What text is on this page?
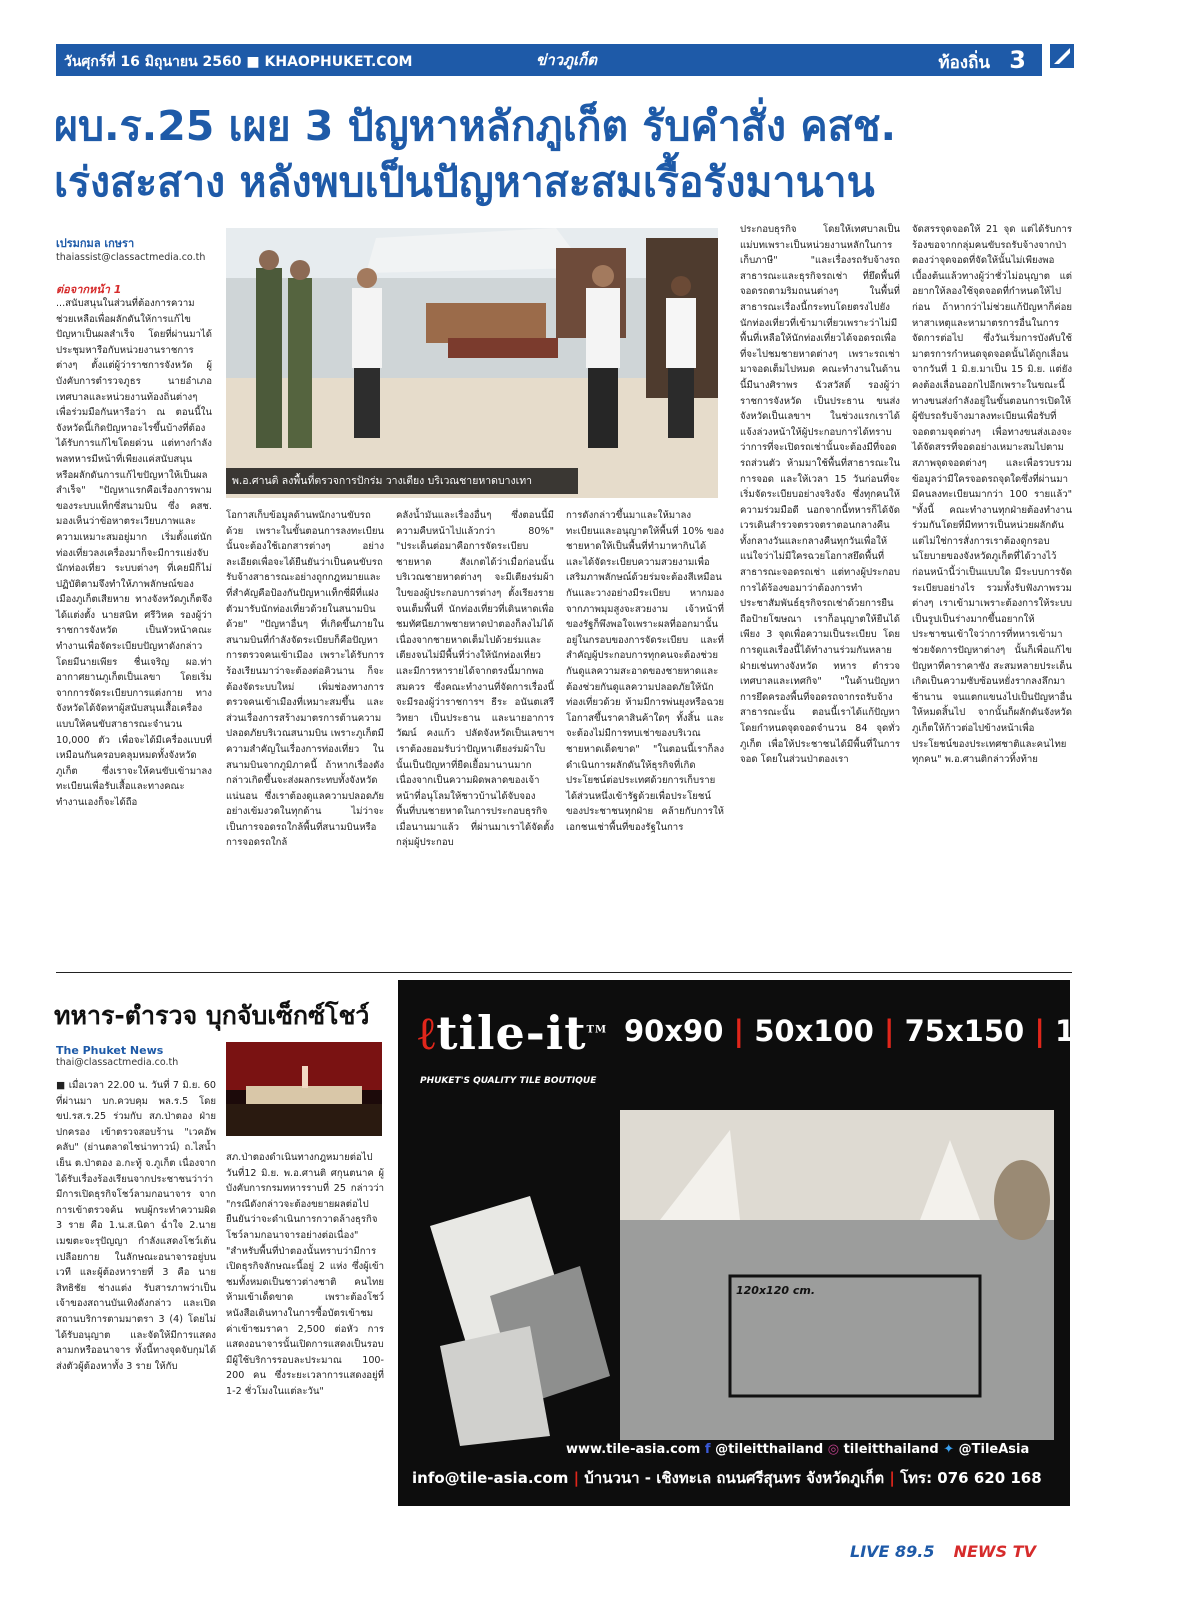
วันศุกร์ที่ 16 มิถุนายน 2560 ■ KHAOPHUKET.COM	ข่าวภูเก็ต	ท้องถิ่น 3
ผบ.ร.25 เผย 3 ปัญหาหลักภูเก็ต รับคำสั่ง คสช.
เร่งสะสาง หลังพบเป็นปัญหาสะสมเรื้อรังมานาน
เปรมกมล เกษรา
thaiassist@classactmedia.co.th
ต่อจากหน้า 1
...สนับสนุนในส่วนที่ต้องการความช่วยเหลือเพื่อผลักดันให้การแก้ไขปัญหาเป็นผลสำเร็จ โดยที่ผ่านมาได้ประชุมหารือกับหน่วยงานราชการต่างๆ ตั้งแต่ผู้ว่าราชการจังหวัด ผู้บังคับการตำรวจภูธร นายอำเภอ เทศบาลและหน่วยงานท้องถิ่นต่างๆ เพื่อร่วมมือกันหารือว่า ณ ตอนนี้ในจังหวัดนี้เกิดปัญหาอะไรขึ้นบ้างที่ต้องได้รับการแก้ไขโดยด่วน แต่ทางกำลังพลทหารมีหน้าที่เพียงแค่สนับสนุน หรือผลักดันการแก้ไขปัญหาให้เป็นผลสำเร็จ" "ปัญหาแรกคือเรื่องการพามของระบบแท็กซี่สนามบิน ซึ่ง คสช. มองเห็นว่าข้อหาตระเวียบภาพและความเหมาะสมอยู่มาก เริ่มตั้งแต่นักท่องเที่ยวลงเครื่องมาก็จะมีการแย่งจับนักท่องเที่ยว ระบบต่างๆ ที่เคยมีก็ไม่ปฏิบัติตามจึงทำให้ภาพลักษณ์ของเมืองภูเก็ตเสียหาย ทางจังหวัดภูเก็ตจึงได้แต่งตั้ง นายสนิท ศรีวิหค รองผู้ว่าราชการจังหวัด เป็นหัวหน้าคณะทำงานเพื่อจัดระเบียบปัญหาดังกล่าว โดยมีนายเพียร ชื่นเจริญ ผอ.ท่าอากาศยานภูเก็ตเป็นเลขา โดยเริ่มจากการจัดระเบียบการแต่งกาย ทางจังหวัดได้จัดหาผู้สนับสนุนเสื้อเครื่องแบบให้คนขับสาธารณะจำนวน 10,000 ตัว เพื่อจะได้มีเครื่องแบบที่เหมือนกันครอบคลุมหมดทั้งจังหวัดภูเก็ต ซึ่งเราจะให้คนขับเข้ามาลงทะเบียนเพื่อรับเสื้อและทางคณะทำงานเองก็จะได้ถือ
พ.อ.ศานติ ลงพื้นที่ตรวจการปักร่ม วางเตียง บริเวณชายหาดบางเทา
โอกาสเก็บข้อมูลด้านพนักงานขับรถด้วย เพราะในขั้นตอนการลงทะเบียนนั้นจะต้องใช้เอกสารต่างๆ อย่างละเอียดเพื่อจะได้ยืนยันว่าเป็นคนขับรถรับจ้างสาธารณะอย่างถูกกฎหมายและที่สำคัญคือป้องกันปัญหาแท็กซี่ผีที่แฝงตัวมารับนักท่องเที่ยวด้วยในสนามบินด้วย" "ปัญหาอื่นๆ ที่เกิดขึ้นภายในสนามบินที่กำลังจัดระเบียบก็คือปัญหาการตรวจคนเข้าเมือง เพราะได้รับการร้องเรียนมาว่าจะต้องต่อคิวนาน ก็จะต้องจัดระบบใหม่ เพิ่มช่องทางการตรวจคนเข้าเมืองที่เหมาะสมขึ้น และส่วนเรื่องการสร้างมาตรการต้านความปลอดภัยบริเวณสนามบิน เพราะภูเก็ตมีความสำคัญในเรื่องการท่องเที่ยว ในสนามบินจากภูมิภาคนี้ ถ้าหากเรื่องดังกล่าวเกิดขึ้นจะส่งผลกระทบทั้งจังหวัดแน่นอน ซึ่งเราต้องดูแลความปลอดภัยอย่างเข้มงวดในทุกด้าน ไม่ว่าจะเป็นการจอดรถใกล้พื้นที่สนามบินหรือการจอดรถใกล้
คลังน้ำมันและเรื่องอื่นๆ ซึ่งตอนนี้มีความคืบหน้าไปแล้วกว่า 80%" "ประเด็นต่อมาคือการจัดระเบียบชายหาด สังเกตได้ว่าเมื่อก่อนนั้นบริเวณชายหาดต่างๆ จะมีเตียงร่มผ้าใบของผู้ประกอบการต่างๆ ตั้งเรียงรายจนเต็มพื้นที่ นักท่องเที่ยวที่เดินหาดเพื่อชมทัศนียภาพชายหาดป่าตองก็ลงไม่ได้ เนื่องจากชายหาดเต็มไปด้วยร่มและเตียงจนไม่มีพื้นที่ว่างให้นักท่องเที่ยวและมีการหารายได้จากตรงนี้มากพอสมควร ซึ่งคณะทำงานที่จัดการเรื่องนี้จะมีรองผู้ว่าราชการฯ ธีระ อนันตเสรีวิทยา เป็นประธาน และนายอาการวัฒน์ คงแก้ว ปลัดจังหวัดเป็นเลขาฯ เราต้องยอมรับว่าปัญหาเตียงร่มผ้าใบนั้นเป็นปัญหาที่ยืดเยื้อมานานมาก เนื่องจากเป็นความผิดพลาดของเจ้าหน้าที่อนุโลมให้ชาวบ้านได้จับจองพื้นที่บนชายหาดในการประกอบธุรกิจเมื่อนานมาแล้ว ที่ผ่านมาเราได้จัดตั้งกลุ่มผู้ประกอบ
การดังกล่าวขึ้นมาและให้มาลงทะเบียนและอนุญาตให้พื้นที่ 10% ของชายหาดให้เป็นพื้นที่ทำมาหากินได้ และได้จัดระเบียบความสวยงามเพื่อเสริมภาพลักษณ์ด้วยร่มจะต้องสีเหมือนกันและวางอย่างมีระเบียบ หากมองจากภาพมุมสูงจะสวยงาม เจ้าหน้าที่ของรัฐก็พึงพอใจเพราะผลที่ออกมานั้นอยู่ในกรอบของการจัดระเบียบ และที่สำคัญผู้ประกอบการทุกคนจะต้องช่วยกันดูแลความสะอาดของชายหาดและต้องช่วยกันดูแลความปลอดภัยให้นักท่องเที่ยวด้วย ห้ามมีการพ่นยุงหรือฉวยโอกาสขึ้นราคาสินค้าใดๆ ทั้งสิ้น และจะต้องไม่มีการทบเช่าของบริเวณชายหาดเด็ดขาด" "ในตอนนี้เราก็ลงดำเนินการผลักดันให้ธุรกิจที่เกิดประโยชน์ต่อประเทศด้วยการเก็บรายได้ส่วนหนึ่งเข้ารัฐด้วยเพื่อประโยชน์ของประชาชนทุกฝ่าย คล้ายกับการให้เอกชนเช่าพื้นที่ของรัฐในการ
ประกอบธุรกิจ โดยให้เทศบาลเป็นแม่บทเพราะเป็นหน่วยงานหลักในการเก็บภาษี" "และเรื่องรถรับจ้างรถสาธารณะและธุรกิจรถเช่า ที่ยึดพื้นที่จอดรถตามริมถนนต่างๆ ในพื้นที่สาธารณะเรื่องนี้กระทบโดยตรงไปยังนักท่องเที่ยวที่เข้ามาเที่ยวเพราะว่าไม่มีพื้นที่เหลือให้นักท่องเที่ยวได้จอดรถเพื่อที่จะไปชมชายหาดต่างๆ เพราะรถเช่ามาจอดเต็มไปหมด คณะทำงานในด้านนี้มีนางศิราพร ฉัวสวัสดิ์ รองผู้ว่าราชการจังหวัด เป็นประธาน ขนส่งจังหวัดเป็นเลขาฯ ในช่วงแรกเราได้แจ้งล่วงหน้าให้ผู้ประกอบการได้ทราบว่าการที่จะเปิดรถเช่านั้นจะต้องมีที่จอดรถส่วนตัว ห้ามมาใช้พื้นที่สาธารณะในการจอด และให้เวลา 15 วันก่อนที่จะเริ่มจัดระเบียบอย่างจริงจัง ซึ่งทุกคนให้ความร่วมมือดี นอกจากนี้ทหารก็ได้จัดเวรเดินสำรวจตรวจตราตอนกลางคืนทั้งกลางวันและกลางคืนทุกวันเพื่อให้แน่ใจว่าไม่มีใครฉวยโอกาสยึดพื้นที่สาธารณะจอดรถเช่า แต่ทางผู้ประกอบการได้ร้องขอมาว่าต้องการทำประชาสัมพันธ์ธุรกิจรถเช่าด้วยการยืนถือป้ายโฆษณา เราก็อนุญาตให้ยืนได้เพียง 3 จุดเพื่อความเป็นระเบียบ โดยการดูแลเรื่องนี้ได้ทำงานร่วมกันหลายฝ่ายเช่นทางจังหวัด ทหาร ตำรวจ เทศบาลและเทศกิจ" "ในด้านปัญหาการยึดครองพื้นที่จอดรถจากรถรับจ้างสาธารณะนั้น ตอนนี้เราได้แก้ปัญหาโดยกำหนดจุดจอดจำนวน 84 จุดทั่วภูเก็ต เพื่อให้ประชาชนได้มีพื้นที่ในการจอด โดยในส่วนป่าตองเรา
จัดสรรจุดจอดให้ 21 จุด แต่ได้รับการร้องขอจากกลุ่มคนขับรถรับจ้างจากป่าตองว่าจุดจอดที่จัดให้นั้นไม่เพียงพอ เบื้องต้นแล้วทางผู้ว่าชั่วไม่อนุญาต แต่อยากให้ลองใช้จุดจอดที่กำหนดให้ไปก่อน ถ้าหากว่าไม่ช่วยแก้ปัญหาก็ค่อยหาสาเหตุและหามาตรการอื่นในการจัดการต่อไป ซึ่งวันเริ่มการบังคับใช้มาตรการกำหนดจุดจอดนั้นได้ถูกเลื่อนจากวันที่ 1 มิ.ย.มาเป็น 15 มิ.ย. แต่ยังคงต้องเลื่อนออกไปอีกเพราะในขณะนี้ทางขนส่งกำลังอยู่ในขั้นตอนการเปิดให้ผู้ขับรถรับจ้างมาลงทะเบียนเพื่อรับที่จอดตามจุดต่างๆ เพื่อทางขนส่งเองจะได้จัดสรรที่จอดอย่างเหมาะสมไปตามสภาพจุดจอดต่างๆ และเพื่อรวบรวมข้อมูลว่ามีใครจอดรถจุดใดซึ่งที่ผ่านมามีคนลงทะเบียนมากว่า 100 รายแล้ว" "ทั้งนี้ คณะทำงานทุกฝ่ายต้องทำงานร่วมกันโดยที่มีทหารเป็นหน่วยผลักดัน แต่ไม่ใช่การสั่งการเราต้องดูกรอบนโยบายของจังหวัดภูเก็ตที่ได้วางไว้ก่อนหน้านี้ว่าเป็นแบบใด มีระบบการจัดระเบียบอย่างไร รวมทั้งรับฟังภาพรวมต่างๆ เราเข้ามาเพราะต้องการให้ระบบเป็นรูปเป็นร่างมากขึ้นอยากให้ประชาชนเข้าใจว่าการที่ทหารเข้ามาช่วยจัดการปัญหาต่างๆ นั้นก็เพื่อแก้ไขปัญหาที่คาราคาซัง สะสมหลายประเด็น เกิดเป็นความซับซ้อนหยั่งรากลงลึกมาช้านาน จนแตกแขนงไปเป็นปัญหาอื่นให้หมดสิ้นไป จากนั้นก็ผลักดันจังหวัดภูเก็ตให้ก้าวต่อไปข้างหน้าเพื่อประโยชน์ของประเทศชาติและคนไทยทุกคน" พ.อ.ศานติกล่าวทิ้งท้าย
ทหาร-ตำรวจ บุกจับเซ็กซ์โชว์
The Phuket News
thai@classactmedia.co.th
■ เมื่อเวลา 22.00 น. วันที่ 7 มิ.ย. 60 ที่ผ่านมา บก.ควบคุม พล.ร.5 โดย ขป.รส.ร.25 ร่วมกับ สภ.ป่าตอง ฝ่ายปกครอง เข้าตรวจสอบร้าน "เวคอัพคลับ" (ย่านตลาดไชน่าทาวน์) ถ.ไสน้ำเย็น ต.ป่าตอง อ.กะทู้ จ.ภูเก็ต เนื่องจากได้รับเรื่องร้องเรียนจากประชาชนว่าว่ามีการเปิดธุรกิจโชว์ลามกอนาจาร จากการเข้าตรวจค้น พบผู้กระทำความผิด 3 ราย คือ 1.น.ส.นิดา ฉ่ำใจ 2.นายเมฆตะจะรุปัญญา กำลังแสดงโชว์เต้นเปลือยกาย ในลักษณะอนาจารอยู่บนเวที และผู้ต้องหารายที่ 3 คือ นายสิทธิชัย ช่างแต่ง รับสารภาพว่าเป็นเจ้าของสถานบันเทิงดังกล่าว และเปิดสถานบริการตามมาตรา 3 (4) โดยไม่ได้รับอนุญาต และจัดให้มีการแสดงลามกหรืออนาจาร ทั้งนี้ทางจุดจับกุมได้ส่งตัวผู้ต้องหาทั้ง 3 ราย ให้กับ
สภ.ป่าตองดำเนินทางกฎหมายต่อไป วันที่12 มิ.ย. พ.อ.ศานติ ศกุนตนาค ผู้บังคับการกรมทหารราบที่ 25 กล่าวว่า "กรณีดังกล่าวจะต้องขยายผลต่อไป ยืนยันว่าจะดำเนินการกวาดล้างธุรกิจโชว์ลามกอนาจารอย่างต่อเนื่อง" "สำหรับพื้นที่ป่าตองนั้นทราบว่ามีการเปิดธุรกิจลักษณะนี้อยู่ 2 แห่ง ซึ่งผู้เข้าชมทั้งหมดเป็นชาวต่างชาติ คนไทยห้ามเข้าเด็ดขาด เพราะต้องโชว์หนังสือเดินทางในการซื้อบัตรเข้าชม ค่าเข้าชมราคา 2,500 ต่อหัว การแสดงอนาจารนั้นเปิดการแสดงเป็นรอบ มีผู้ใช้บริการรอบละประมาณ 100-200 คน ซึ่งระยะเวลาการแสดงอยู่ที่ 1-2 ชั่วโมงในแต่ละวัน"
ℓtile-it™
PHUKET'S QUALITY TILE BOUTIQUE
90x90 | 50x100 | 75x150 | 120x120
120x120 cm.
www.tile-asia.com f @tileitthailand ◎ tileitthailand ✦ @TileAsia
info@tile-asia.com | บ้านวนา - เชิงทะเล ถนนศรีสุนทร จังหวัดภูเก็ต | โทร: 076 620 168
LIVE 89.5 NEWS TV
